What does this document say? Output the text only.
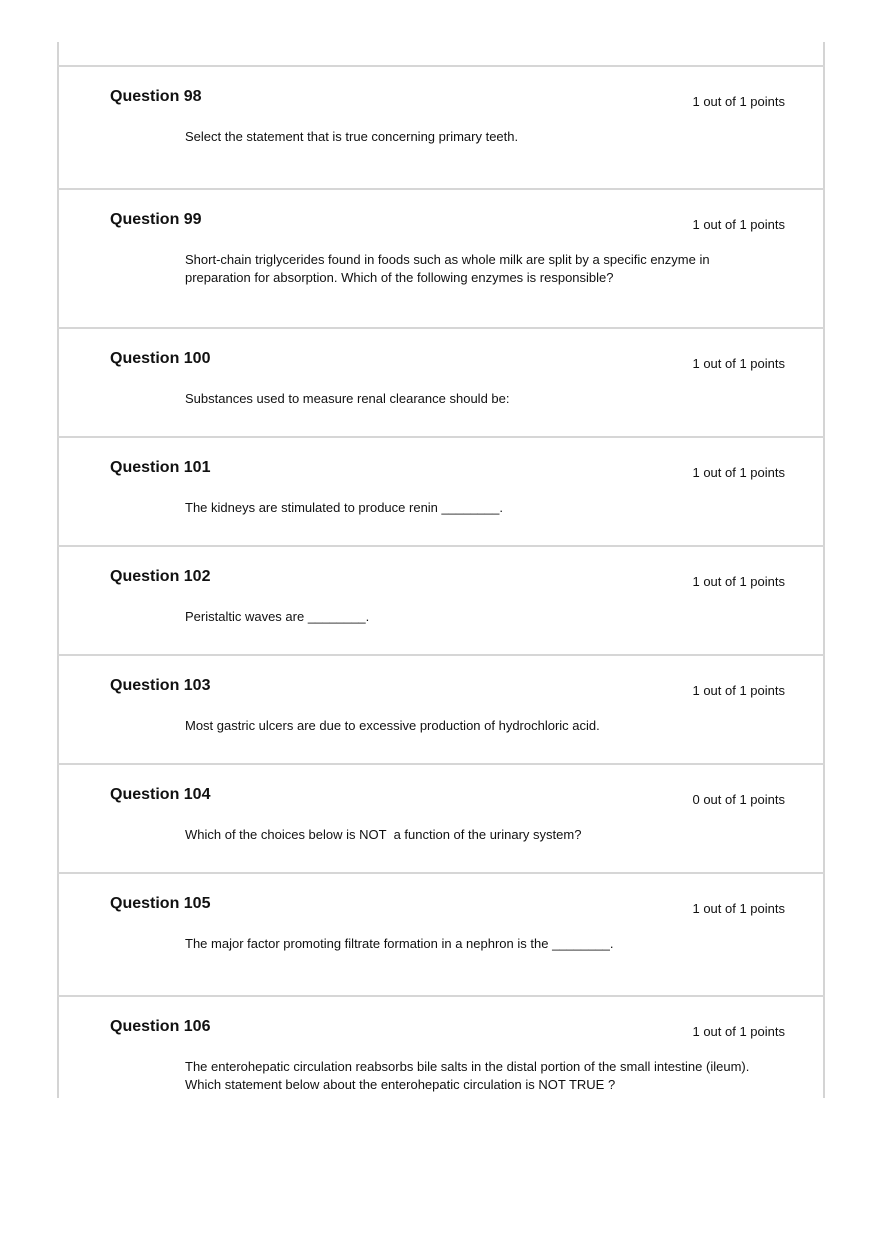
Question 98	1 out of 1 points
Select the statement that is true concerning primary teeth.
Question 99	1 out of 1 points
Short-chain triglycerides found in foods such as whole milk are split by a specific enzyme in preparation for absorption. Which of the following enzymes is responsible?
Question 100	1 out of 1 points
Substances used to measure renal clearance should be:
Question 101	1 out of 1 points
The kidneys are stimulated to produce renin ________.
Question 102	1 out of 1 points
Peristaltic waves are ________.
Question 103	1 out of 1 points
Most gastric ulcers are due to excessive production of hydrochloric acid.
Question 104	0 out of 1 points
Which of the choices below is NOT  a function of the urinary system?
Question 105	1 out of 1 points
The major factor promoting filtrate formation in a nephron is the ________.
Question 106	1 out of 1 points
The enterohepatic circulation reabsorbs bile salts in the distal portion of the small intestine (ileum).  Which statement below about the enterohepatic circulation is NOT TRUE ?
